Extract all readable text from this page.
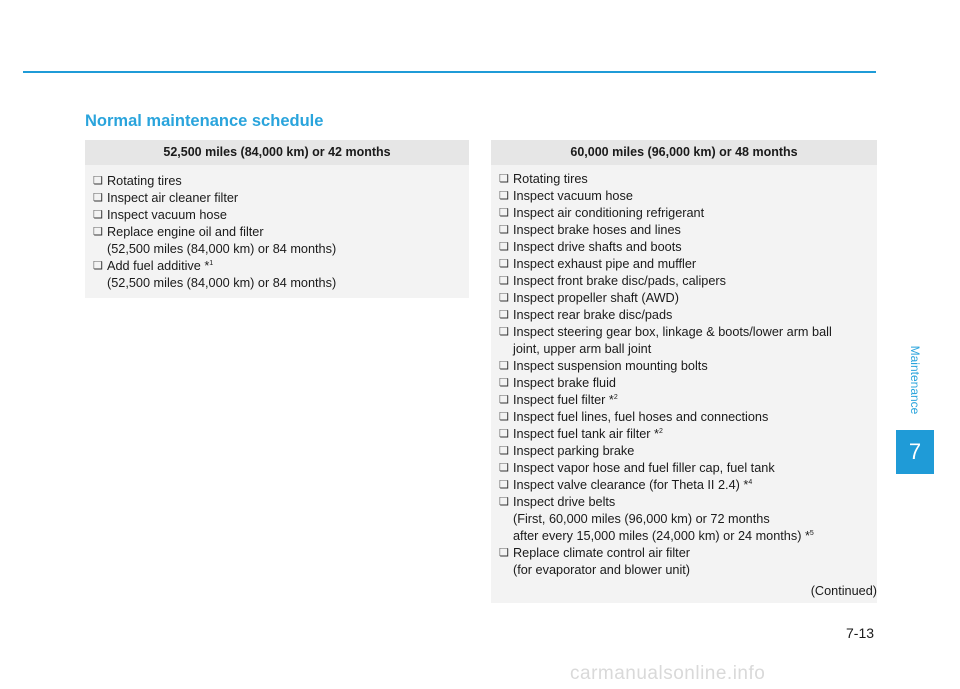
Normal maintenance schedule
52,500 miles (84,000 km) or 42 months
❏ Rotating tires
❏ Inspect air cleaner filter
❏ Inspect vacuum hose
❏ Replace engine oil and filter
(52,500 miles (84,000 km) or 84 months)
❏ Add fuel additive *$^1$
(52,500 miles (84,000 km) or 84 months)
60,000 miles (96,000 km) or 48 months
❏ Rotating tires
❏ Inspect vacuum hose
❏ Inspect air conditioning refrigerant
❏ Inspect brake hoses and lines
❏ Inspect drive shafts and boots
❏ Inspect exhaust pipe and muffler
❏ Inspect front brake disc/pads, calipers
❏ Inspect propeller shaft (AWD)
❏ Inspect rear brake disc/pads
❏ Inspect steering gear box, linkage & boots/lower arm ball
joint, upper arm ball joint
❏ Inspect suspension mounting bolts
❏ Inspect brake fluid
❏ Inspect fuel filter *$^2$
❏ Inspect fuel lines, fuel hoses and connections
❏ Inspect fuel tank air filter *$^2$
❏ Inspect parking brake
❏ Inspect vapor hose and fuel filler cap, fuel tank
❏ Inspect valve clearance (for Theta II 2.4) *$^4$
❏ Inspect drive belts
(First, 60,000 miles (96,000 km) or 72 months
after every 15,000 miles (24,000 km) or 24 months) *$^5$
❏ Replace climate control air filter
(for evaporator and blower unit)
(Continued)
Maintenance
7
7-13
carmanualsonline.info
